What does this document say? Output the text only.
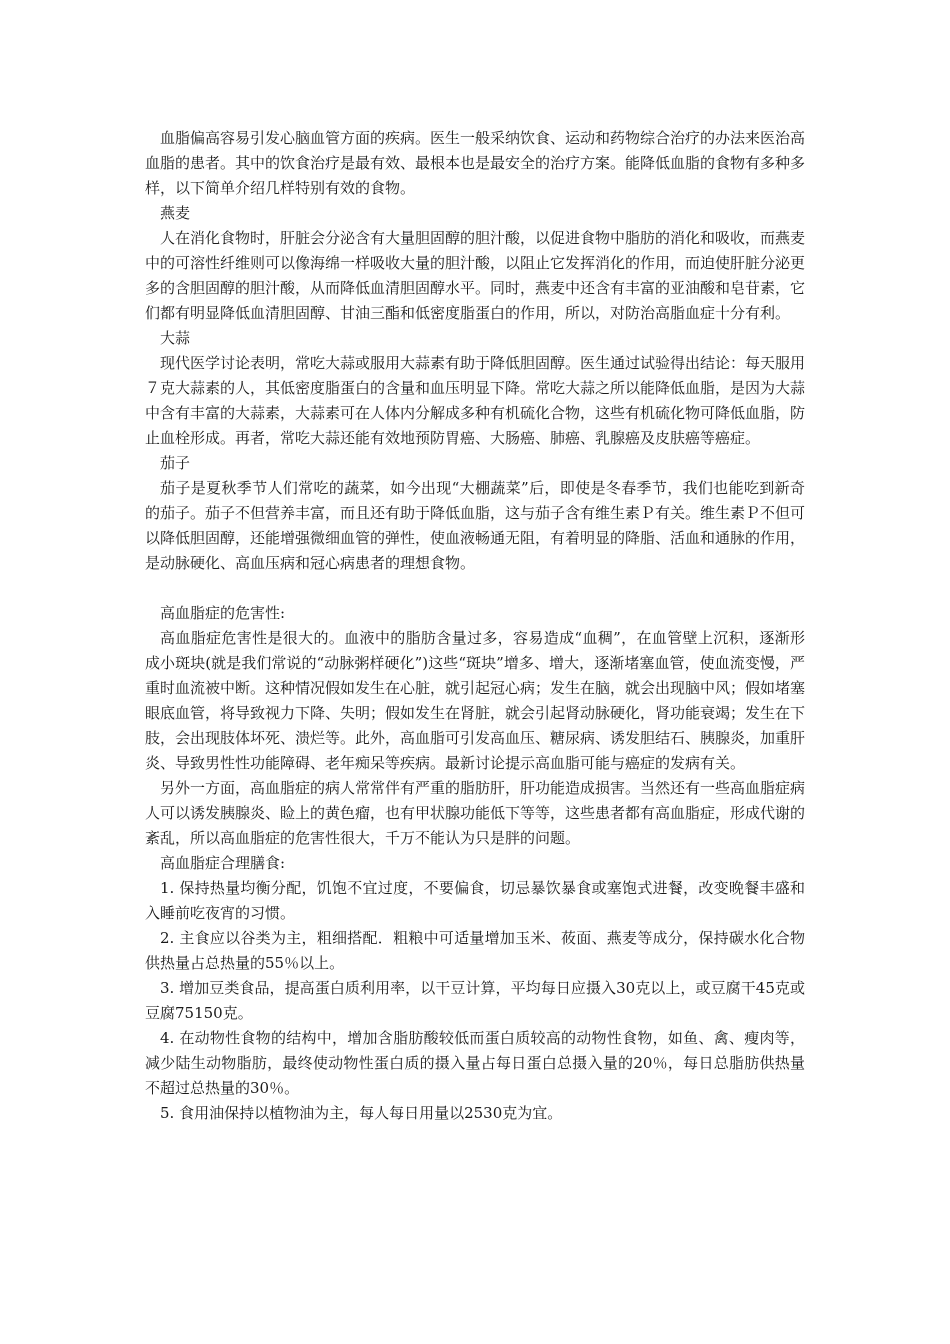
血脂偏高容易引发心脑血管方面的疾病。医生一般采纳饮食、运动和药物综合治疗的办法来医治高血脂的患者。其中的饮食治疗是最有效、最根本也是最安全的治疗方案。能降低血脂的食物有多种多样，以下简单介绍几样特别有效的食物。

燕麦

人在消化食物时，肝脏会分泌含有大量胆固醇的胆汁酸，以促进食物中脂肪的消化和吸收，而燕麦中的可溶性纤维则可以像海绵一样吸收大量的胆汁酸，以阻止它发挥消化的作用，而迫使肝脏分泌更多的含胆固醇的胆汁酸，从而降低血清胆固醇水平。同时，燕麦中还含有丰富的亚油酸和皂苷素，它们都有明显降低血清胆固醇、甘油三酯和低密度脂蛋白的作用，所以，对防治高脂血症十分有利。

大蒜

现代医学讨论表明，常吃大蒜或服用大蒜素有助于降低胆固醇。医生通过试验得出结论：每天服用７克大蒜素的人，其低密度脂蛋白的含量和血压明显下降。常吃大蒜之所以能降低血脂，是因为大蒜中含有丰富的大蒜素，大蒜素可在人体内分解成多种有机硫化合物，这些有机硫化物可降低血脂，防止血栓形成。再者，常吃大蒜还能有效地预防胃癌、大肠癌、肺癌、乳腺癌及皮肤癌等癌症。

茄子

茄子是夏秋季节人们常吃的蔬菜，如今出现“大棚蔬菜”后，即使是冬春季节，我们也能吃到新奇的茄子。茄子不但营养丰富，而且还有助于降低血脂，这与茄子含有维生素Ｐ有关。维生素Ｐ不但可以降低胆固醇，还能增强微细血管的弹性，使血液畅通无阻，有着明显的降脂、活血和通脉的作用，是动脉硬化、高血压病和冠心病患者的理想食物。

高血脂症的危害性:

高血脂症危害性是很大的。血液中的脂肪含量过多，容易造成“血稠”，在血管壁上沉积，逐渐形成小斑块(就是我们常说的“动脉粥样硬化”)这些“斑块”增多、增大，逐渐堵塞血管，使血流变慢，严重时血流被中断。这种情况假如发生在心脏，就引起冠心病；发生在脑，就会出现脑中风；假如堵塞眼底血管，将导致视力下降、失明；假如发生在肾脏，就会引起肾动脉硬化，肾功能衰竭；发生在下肢，会出现肢体坏死、溃烂等。此外，高血脂可引发高血压、糖尿病、诱发胆结石、胰腺炎，加重肝炎、导致男性性功能障碍、老年痴呆等疾病。最新讨论提示高血脂可能与癌症的发病有关。

另外一方面，高血脂症的病人常常伴有严重的脂肪肝，肝功能造成损害。当然还有一些高血脂症病人可以诱发胰腺炎、睑上的黄色瘤，也有甲状腺功能低下等等，这些患者都有高血脂症，形成代谢的紊乱，所以高血脂症的危害性很大，千万不能认为只是胖的问题。

高血脂症合理膳食:

1. 保持热量均衡分配，饥饱不宜过度，不要偏食，切忌暴饮暴食或塞饱式进餐，改变晚餐丰盛和入睡前吃夜宵的习惯。

2. 主食应以谷类为主，粗细搭配．粗粮中可适量增加玉米、莜面、燕麦等成分，保持碳水化合物供热量占总热量的55％以上。

3. 增加豆类食品，提高蛋白质利用率，以干豆计算，平均每日应摄入30克以上，或豆腐干45克或豆腐75150克。

4. 在动物性食物的结构中，增加含脂肪酸较低而蛋白质较高的动物性食物，如鱼、禽、瘦肉等，减少陆生动物脂肪，最终使动物性蛋白质的摄入量占每日蛋白总摄入量的20％，每日总脂肪供热量不超过总热量的30％。

5. 食用油保持以植物油为主，每人每日用量以2530克为宜。
